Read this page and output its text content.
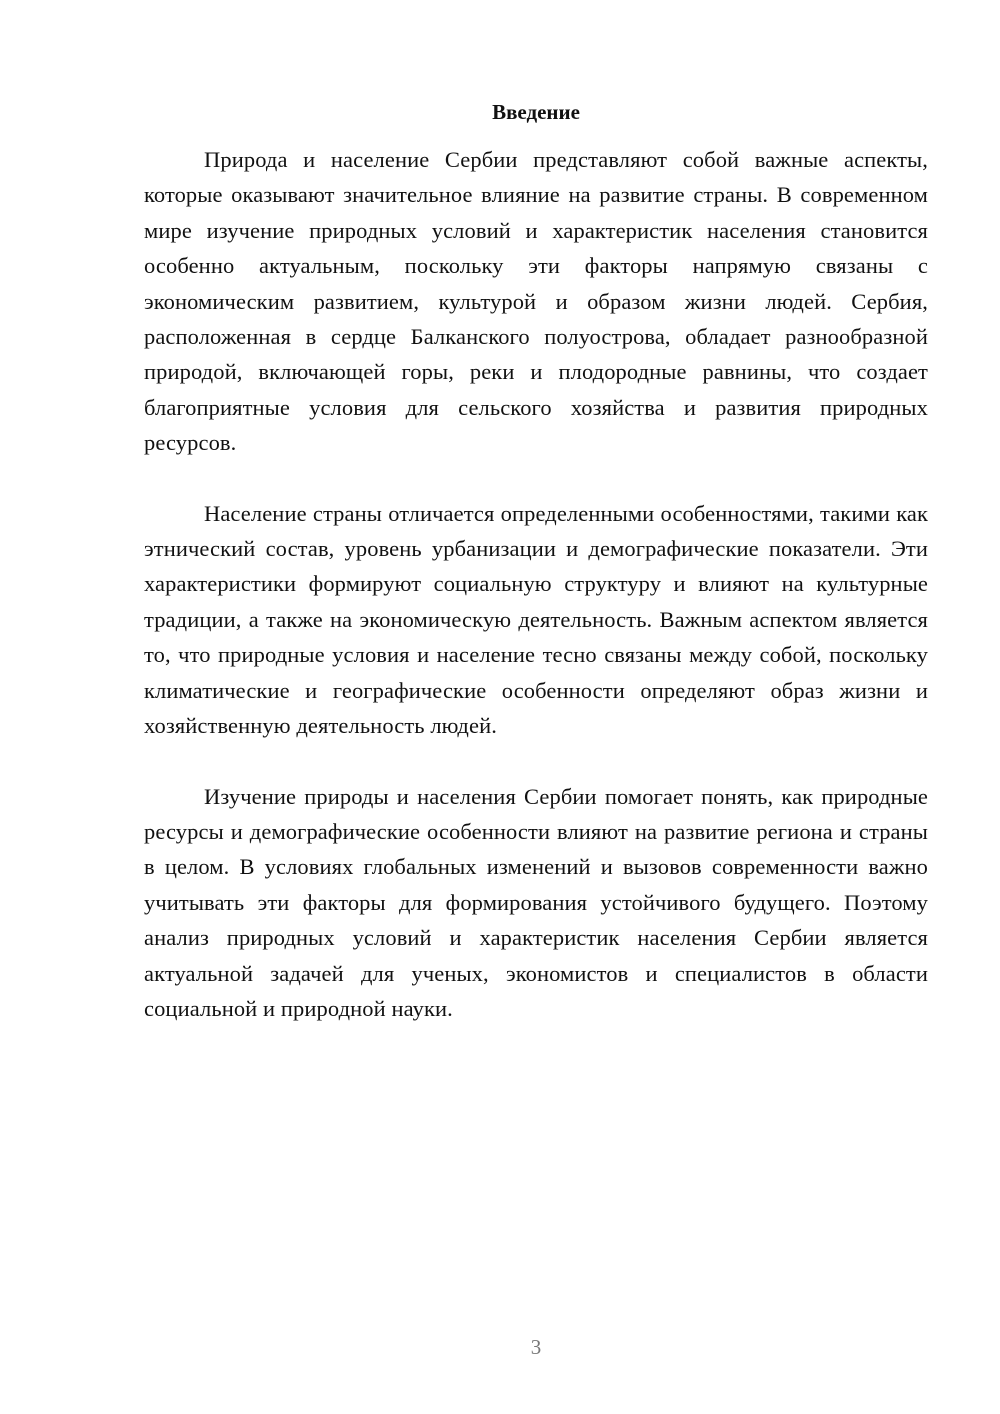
Введение

Природа и население Сербии представляют собой важные аспекты, которые оказывают значительное влияние на развитие страны. В современном мире изучение природных условий и характеристик населения становится особенно актуальным, поскольку эти факторы напрямую связаны с экономическим развитием, культурой и образом жизни людей. Сербия, расположенная в сердце Балканского полуострова, обладает разнообразной природой, включающей горы, реки и плодородные равнины, что создает благоприятные условия для сельского хозяйства и развития природных ресурсов.

Население страны отличается определенными особенностями, такими как этнический состав, уровень урбанизации и демографические показатели. Эти характеристики формируют социальную структуру и влияют на культурные традиции, а также на экономическую деятельность. Важным аспектом является то, что природные условия и население тесно связаны между собой, поскольку климатические и географические особенности определяют образ жизни и хозяйственную деятельность людей.

Изучение природы и населения Сербии помогает понять, как природные ресурсы и демографические особенности влияют на развитие региона и страны в целом. В условиях глобальных изменений и вызовов современности важно учитывать эти факторы для формирования устойчивого будущего. Поэтому анализ природных условий и характеристик населения Сербии является актуальной задачей для ученых, экономистов и специалистов в области социальной и природной науки.

3
